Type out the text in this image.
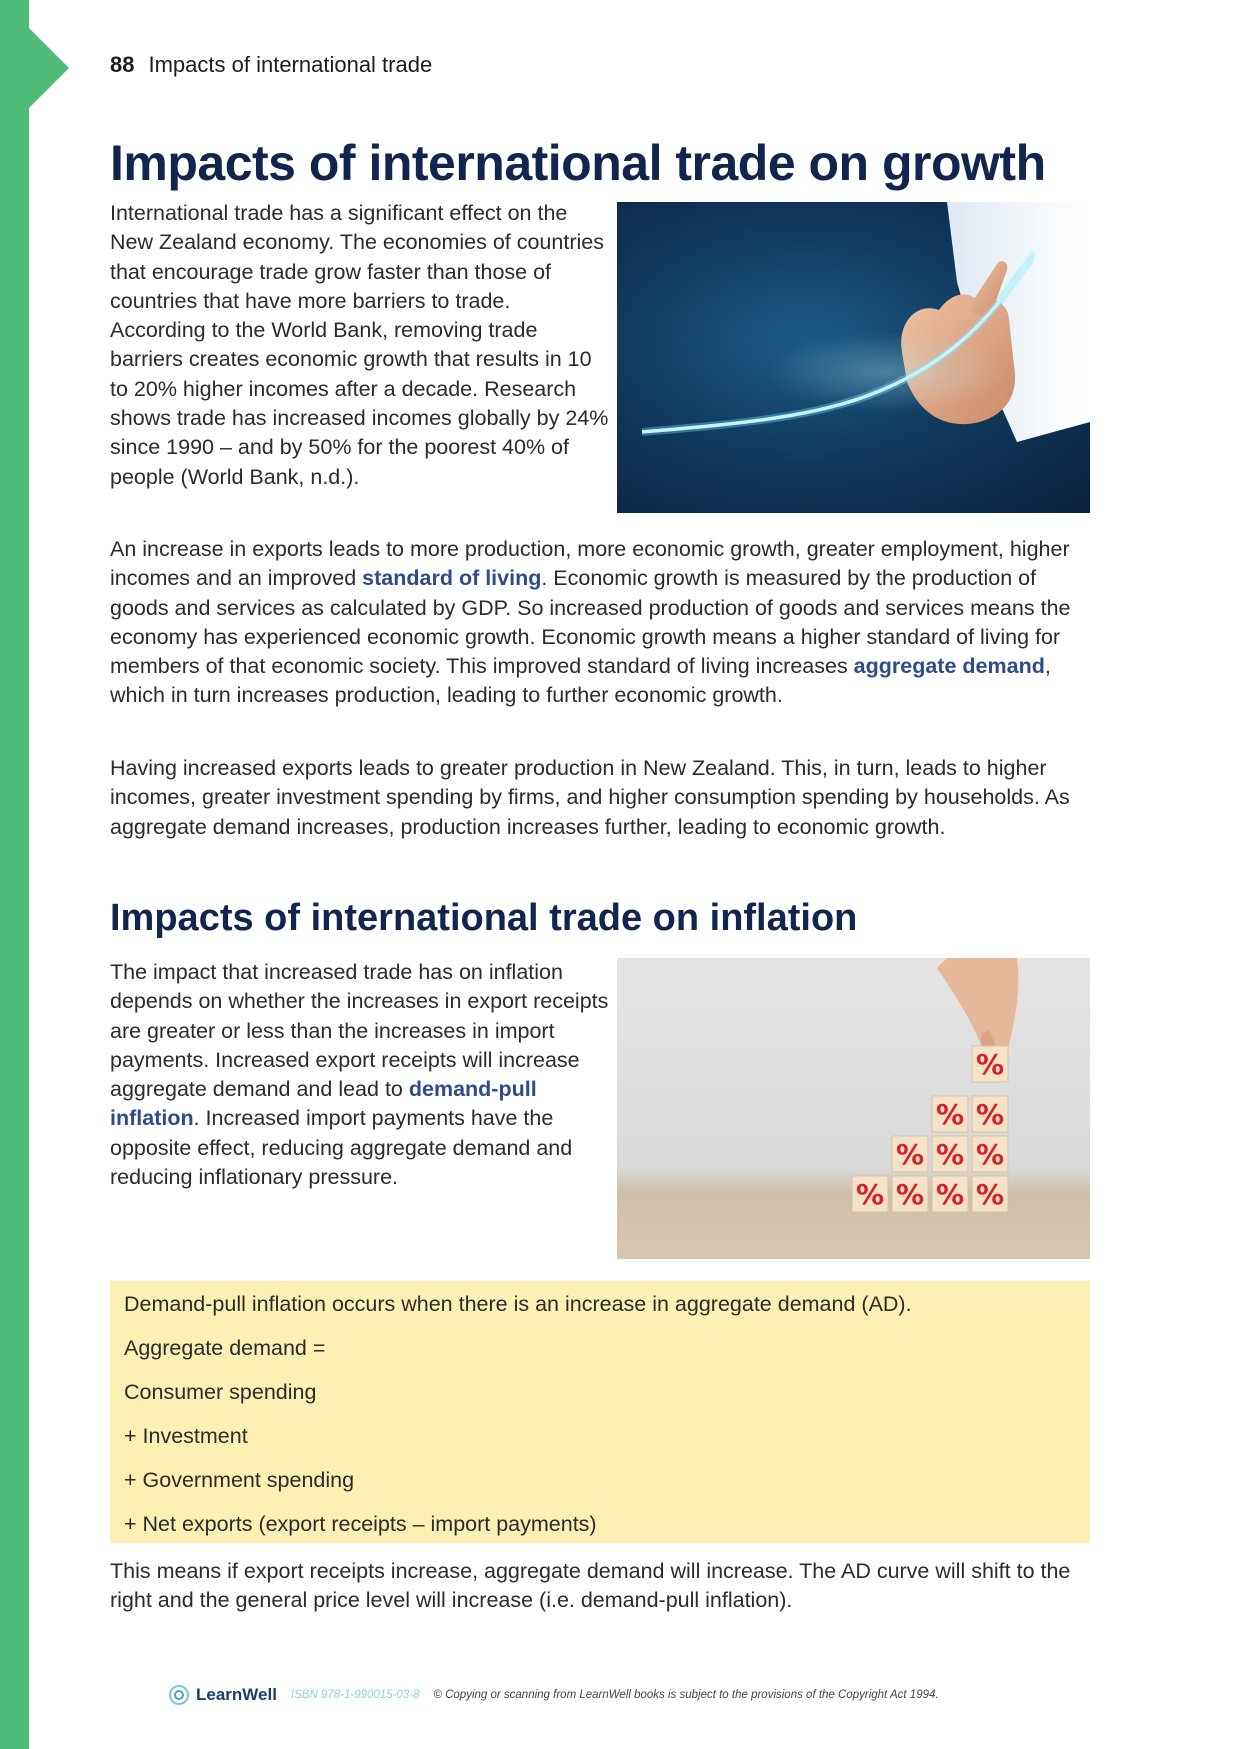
88 Impacts of international trade
Impacts of international trade on growth

International trade has a significant effect on the New Zealand economy. The economies of countries that encourage trade grow faster than those of countries that have more barriers to trade. According to the World Bank, removing trade barriers creates economic growth that results in 10 to 20% higher incomes after a decade. Research shows trade has increased incomes globally by 24% since 1990 – and by 50% for the poorest 40% of people (World Bank, n.d.).

An increase in exports leads to more production, more economic growth, greater employment, higher incomes and an improved standard of living. Economic growth is measured by the production of goods and services as calculated by GDP. So increased production of goods and services means the economy has experienced economic growth. Economic growth means a higher standard of living for members of that economic society. This improved standard of living increases aggregate demand, which in turn increases production, leading to further economic growth.

Having increased exports leads to greater production in New Zealand. This, in turn, leads to higher incomes, greater investment spending by firms, and higher consumption spending by households. As aggregate demand increases, production increases further, leading to economic growth.

Impacts of international trade on inflation

The impact that increased trade has on inflation depends on whether the increases in export receipts are greater or less than the increases in import payments. Increased export receipts will increase aggregate demand and lead to demand-pull inflation. Increased import payments have the opposite effect, reducing aggregate demand and reducing inflationary pressure.

% % % %
% % %
% %
%

Demand-pull inflation occurs when there is an increase in aggregate demand (AD).

Aggregate demand =

Consumer spending

+ Investment

+ Government spending

+ Net exports (export receipts – import payments)

This means if export receipts increase, aggregate demand will increase. The AD curve will shift to the right and the general price level will increase (i.e. demand-pull inflation).

LearnWell ISBN 978-1-990015-03-8 © Copying or scanning from LearnWell books is subject to the provisions of the Copyright Act 1994.
